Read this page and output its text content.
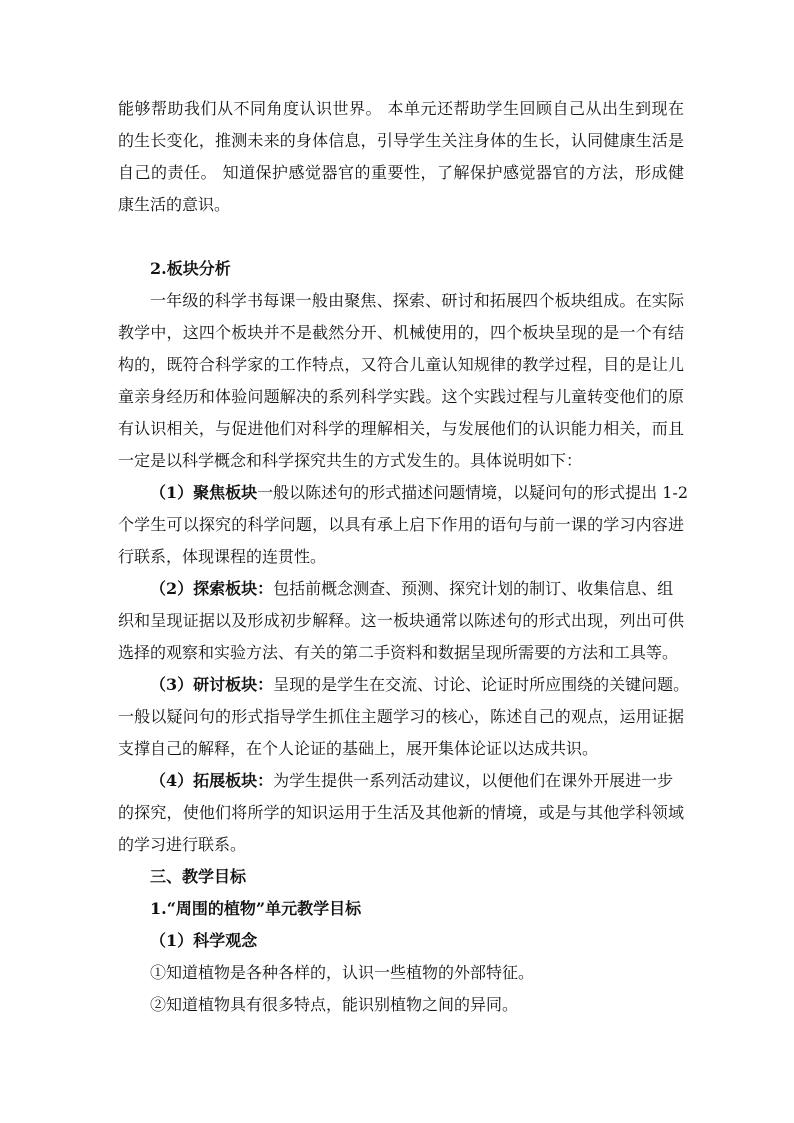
能够帮助我们从不同角度认识世界。 本单元还帮助学生回顾自己从出生到现在
的生长变化，推测未来的身体信息，引导学生关注身体的生长，认同健康生活是
自己的责任。 知道保护感觉器官的重要性，了解保护感觉器官的方法，形成健
康生活的意识。
2.板块分析
一年级的科学书每课一般由聚焦、探索、研讨和拓展四个板块组成。在实际
教学中，这四个板块并不是截然分开、机械使用的，四个板块呈现的是一个有结
构的，既符合科学家的工作特点，又符合儿童认知规律的教学过程，目的是让儿
童亲身经历和体验问题解决的系列科学实践。这个实践过程与儿童转变他们的原
有认识相关，与促进他们对科学的理解相关，与发展他们的认识能力相关，而且
一定是以科学概念和科学探究共生的方式发生的。具体说明如下：
（1）聚焦板块一般以陈述句的形式描述问题情境，以疑问句的形式提出 1-2
个学生可以探究的科学问题，以具有承上启下作用的语句与前一课的学习内容进
行联系，体现课程的连贯性。
（2）探索板块：包括前概念测查、预测、探究计划的制订、收集信息、组
织和呈现证据以及形成初步解释。这一板块通常以陈述句的形式出现，列出可供
选择的观察和实验方法、有关的第二手资料和数据呈现所需要的方法和工具等。
（3）研讨板块：呈现的是学生在交流、讨论、论证时所应围绕的关键问题。
一般以疑问句的形式指导学生抓住主题学习的核心，陈述自己的观点，运用证据
支撑自己的解释，在个人论证的基础上，展开集体论证以达成共识。
（4）拓展板块：为学生提供一系列活动建议，以便他们在课外开展进一步
的探究，使他们将所学的知识运用于生活及其他新的情境，或是与其他学科领域
的学习进行联系。
三、教学目标
1.“周围的植物”单元教学目标
（1）科学观念
①知道植物是各种各样的，认识一些植物的外部特征。
②知道植物具有很多特点，能识别植物之间的异同。
